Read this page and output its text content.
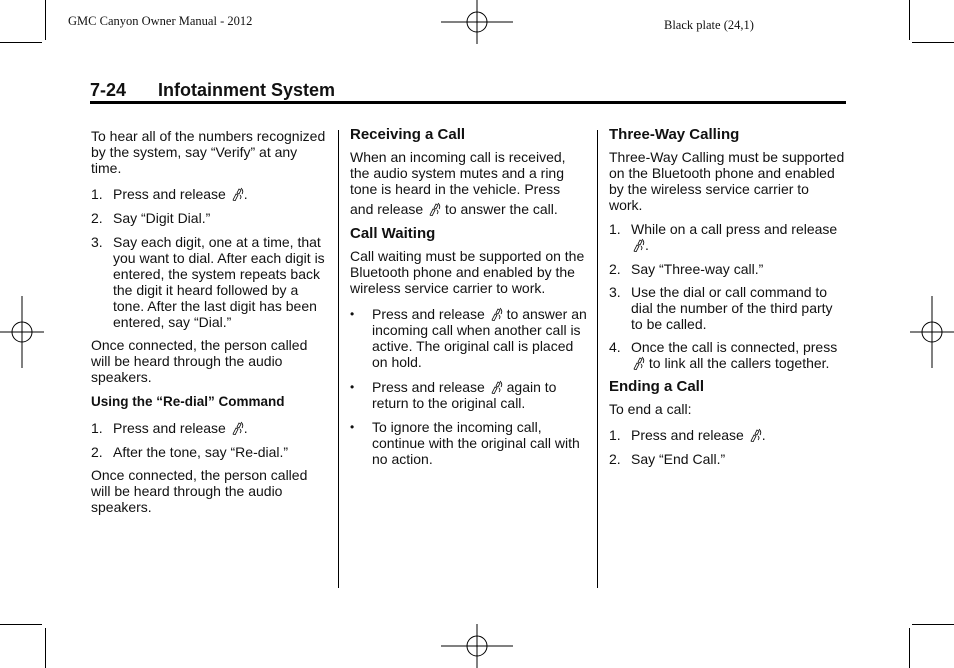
GMC Canyon Owner Manual - 2012	Black plate (24,1)
7-24 Infotainment System

To hear all of the numbers recognized by the system, say “Verify” at any time.

1. Press and release
.
2. Say “Digit Dial.”
3. Say each digit, one at a time, that you want to dial. After each digit is entered, the system repeats back the digit it heard followed by a tone. After the last digit has been entered, say “Dial.”

Once connected, the person called will be heard through the audio speakers.

Using the “Re-dial” Command

1. Press and release
.
2. After the tone, say “Re-dial.”

Once connected, the person called will be heard through the audio speakers.

Receiving a Call

When an incoming call is received, the audio system mutes and a ring tone is heard in the vehicle. Press

and release
to answer the call.

Call Waiting

Call waiting must be supported on the Bluetooth phone and enabled by the wireless service carrier to work.

• Press and release
to answer an incoming call when another call is active. The original call is placed on hold.
• Press and release
again to return to the original call.
• To ignore the incoming call, continue with the original call with no action.

Three-Way Calling

Three-Way Calling must be supported on the Bluetooth phone and enabled by the wireless service carrier to work.

1. While on a call press and release
.
2. Say “Three-way call.”
3. Use the dial or call command to dial the number of the third party to be called.
4. Once the call is connected, press
to link all the callers together.

Ending a Call

To end a call:

1. Press and release
.
2. Say “End Call.”
